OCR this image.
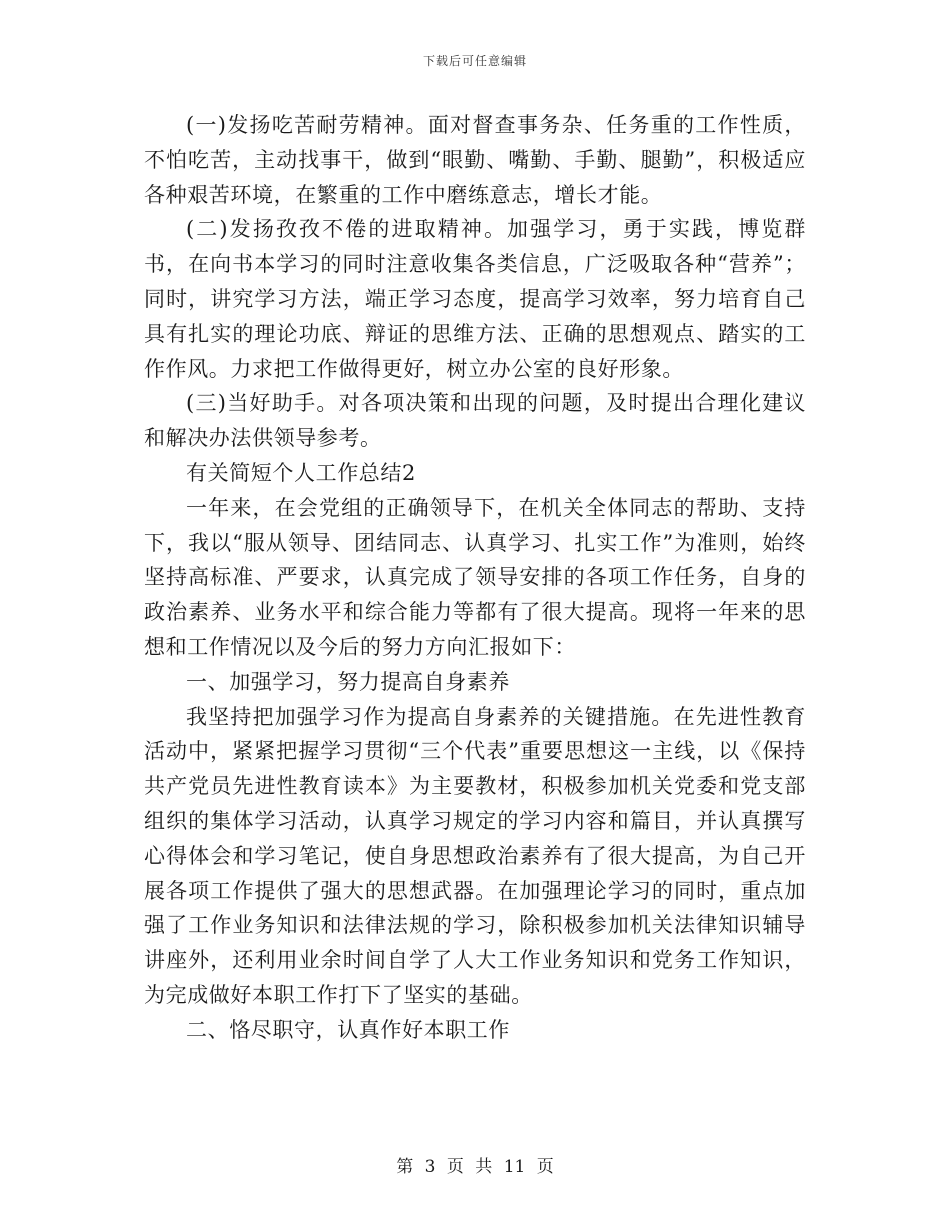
下载后可任意编辑

(一)发扬吃苦耐劳精神。面对督查事务杂、任务重的工作性质，不怕吃苦，主动找事干，做到“眼勤、嘴勤、手勤、腿勤”，积极适应各种艰苦环境，在繁重的工作中磨练意志，增长才能。

(二)发扬孜孜不倦的进取精神。加强学习，勇于实践，博览群书，在向书本学习的同时注意收集各类信息，广泛吸取各种“营养”；同时，讲究学习方法，端正学习态度，提高学习效率，努力培育自己具有扎实的理论功底、辩证的思维方法、正确的思想观点、踏实的工作作风。力求把工作做得更好，树立办公室的良好形象。

(三)当好助手。对各项决策和出现的问题，及时提出合理化建议和解决办法供领导参考。

有关简短个人工作总结2

一年来，在会党组的正确领导下，在机关全体同志的帮助、支持下，我以“服从领导、团结同志、认真学习、扎实工作”为准则，始终坚持高标准、严要求，认真完成了领导安排的各项工作任务，自身的政治素养、业务水平和综合能力等都有了很大提高。现将一年来的思想和工作情况以及今后的努力方向汇报如下：

一、加强学习，努力提高自身素养

我坚持把加强学习作为提高自身素养的关键措施。在先进性教育活动中，紧紧把握学习贯彻“三个代表”重要思想这一主线，以《保持共产党员先进性教育读本》为主要教材，积极参加机关党委和党支部组织的集体学习活动，认真学习规定的学习内容和篇目，并认真撰写心得体会和学习笔记，使自身思想政治素养有了很大提高，为自己开展各项工作提供了强大的思想武器。在加强理论学习的同时，重点加强了工作业务知识和法律法规的学习，除积极参加机关法律知识辅导讲座外，还利用业余时间自学了人大工作业务知识和党务工作知识，为完成做好本职工作打下了坚实的基础。

二、恪尽职守，认真作好本职工作

第 3 页 共 11 页
